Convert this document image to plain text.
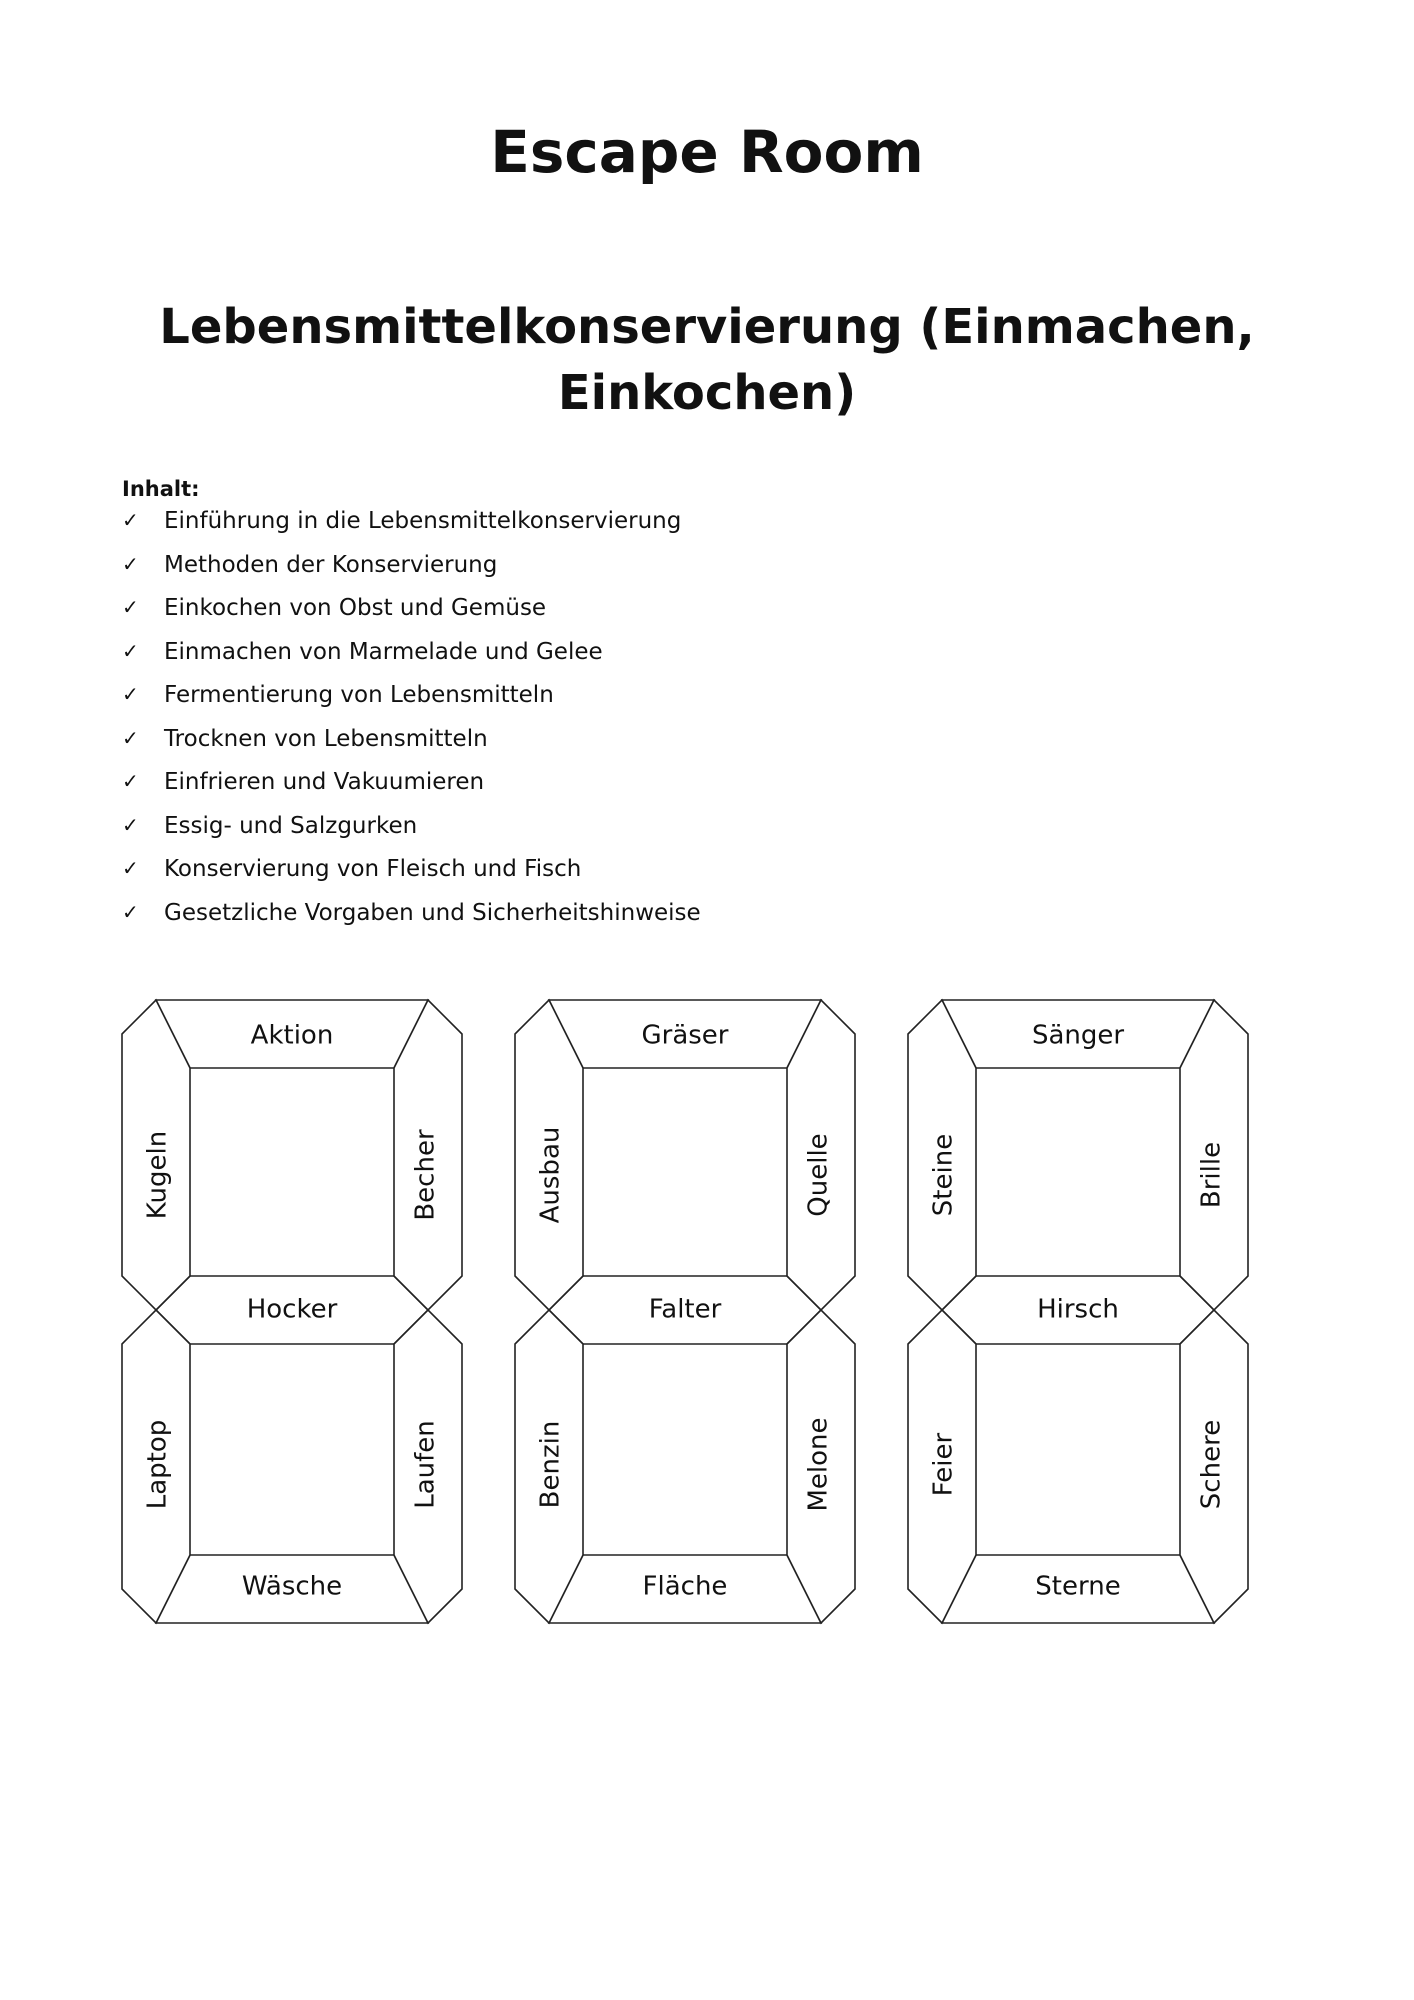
Escape Room
Lebensmittelkonservierung (Einmachen, Einkochen)
Inhalt:
✓	Einführung in die Lebensmittelkonservierung
✓	Methoden der Konservierung
✓	Einkochen von Obst und Gemüse
✓	Einmachen von Marmelade und Gelee
✓	Fermentierung von Lebensmitteln
✓	Trocknen von Lebensmitteln
✓	Einfrieren und Vakuumieren
✓	Essig- und Salzgurken
✓	Konservierung von Fleisch und Fisch
✓	Gesetzliche Vorgaben und Sicherheitshinweise
Aktion
Hocker
Wäsche
Kugeln	Becher
Laptop	Laufen
Gräser
Falter
Fläche
Ausbau	Quelle
Benzin	Melone
Sänger
Hirsch
Sterne
Steine	Brille
Feier	Schere
